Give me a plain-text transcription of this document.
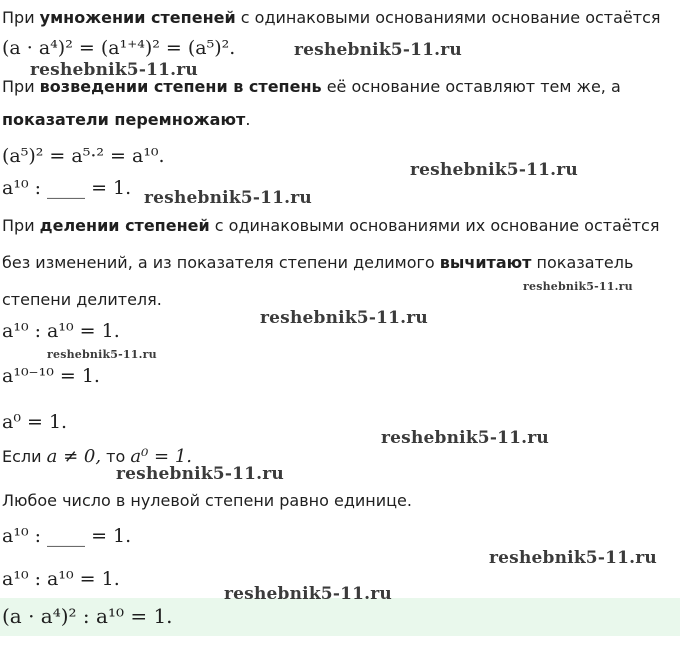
При умножении степеней с одинаковыми основаниями основание остаётся
(a · a⁴)² = (a¹⁺⁴)² = (a⁵)².
При возведении степени в степень её основание оставляют тем же, а
показатели перемножают.
(a⁵)² = a⁵·² = a¹⁰.
a¹⁰ : ____ = 1.
При делении степеней с одинаковыми основаниями их основание остаётся
без изменений, а из показателя степени делимого вычитают показатель
степени делителя.
a¹⁰ : a¹⁰ = 1.
a¹⁰⁻¹⁰ = 1.
a⁰ = 1.
Если a ≠ 0, то a⁰ = 1.
Любое число в нулевой степени равно единице.
a¹⁰ : ____ = 1.
a¹⁰ : a¹⁰ = 1.
(a · a⁴)² : a¹⁰ = 1.
reshebnik5-11.ru
reshebnik5-11.ru
reshebnik5-11.ru
reshebnik5-11.ru
reshebnik5-11.ru
reshebnik5-11.ru
reshebnik5-11.ru
reshebnik5-11.ru
reshebnik5-11.ru
reshebnik5-11.ru
reshebnik5-11.ru
